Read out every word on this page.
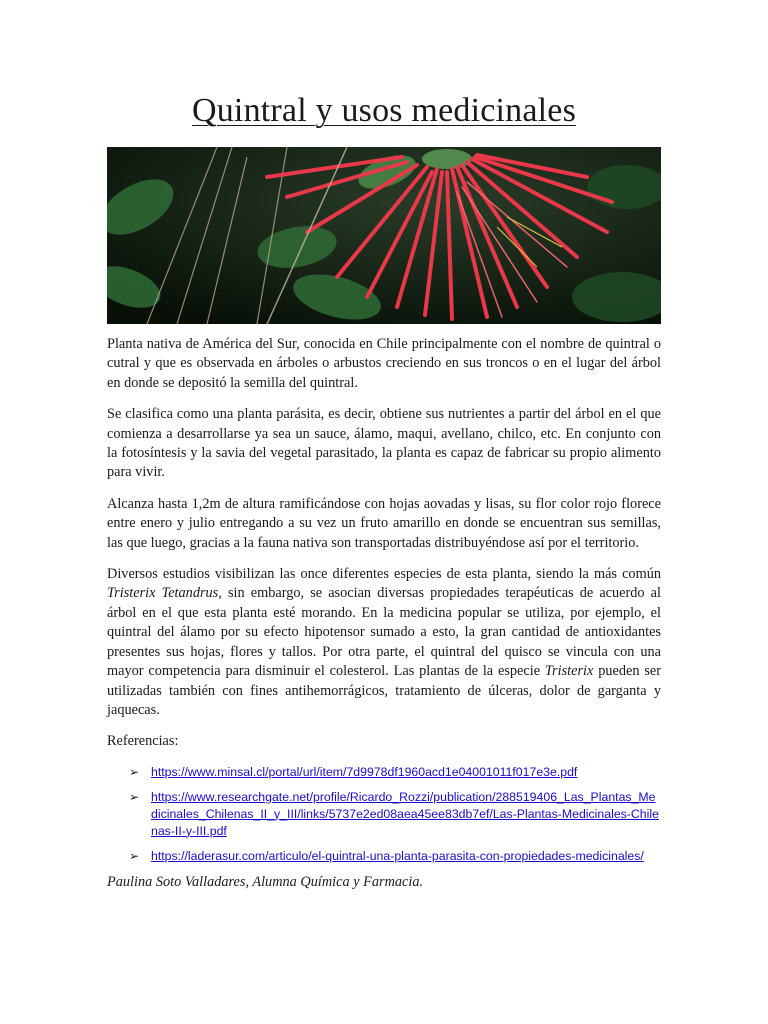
Quintral y usos medicinales

Planta nativa de América del Sur, conocida en Chile principalmente con el nombre de quintral o cutral y que es observada en árboles o arbustos creciendo en sus troncos o en el lugar del árbol en donde se depositó la semilla del quintral.

Se clasifica como una planta parásita, es decir, obtiene sus nutrientes a partir del árbol en el que comienza a desarrollarse ya sea un sauce, álamo, maqui, avellano, chilco, etc. En conjunto con la fotosíntesis y la savia del vegetal parasitado, la planta es capaz de fabricar su propio alimento para vivir.

Alcanza hasta 1,2m de altura ramificándose con hojas aovadas y lisas, su flor color rojo florece entre enero y julio entregando a su vez un fruto amarillo en donde se encuentran sus semillas, las que luego, gracias a la fauna nativa son transportadas distribuyéndose así por el territorio.

Diversos estudios visibilizan las once diferentes especies de esta planta, siendo la más común Tristerix Tetandrus, sin embargo, se asocian diversas propiedades terapéuticas de acuerdo al árbol en el que esta planta esté morando. En la medicina popular se utiliza, por ejemplo, el quintral del álamo por su efecto hipotensor sumado a esto, la gran cantidad de antioxidantes presentes sus hojas, flores y tallos. Por otra parte, el quintral del quisco se vincula con una mayor competencia para disminuir el colesterol. Las plantas de la especie Tristerix pueden ser utilizadas también con fines antihemorrágicos, tratamiento de úlceras, dolor de garganta y jaquecas.

Referencias:

➢ https://www.minsal.cl/portal/url/item/7d9978df1960acd1e04001011f017e3e.pdf
➢ https://www.researchgate.net/profile/Ricardo_Rozzi/publication/288519406_Las_Plantas_Medicinales_Chilenas_II_y_III/links/5737e2ed08aea45ee83db7ef/Las-Plantas-Medicinales-Chilenas-II-y-III.pdf
➢ https://laderasur.com/articulo/el-quintral-una-planta-parasita-con-propiedades-medicinales/

Paulina Soto Valladares, Alumna Química y Farmacia.
